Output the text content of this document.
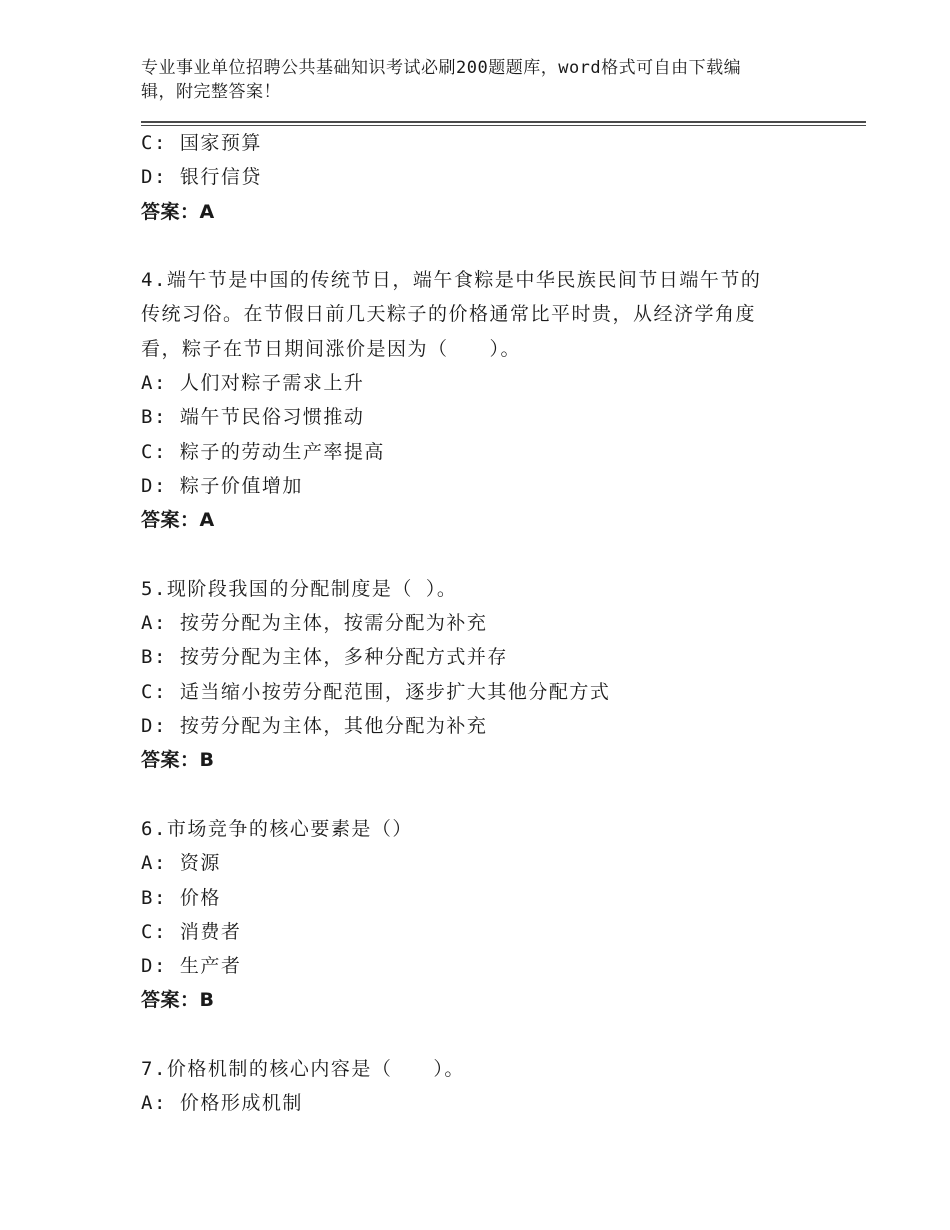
专业事业单位招聘公共基础知识考试必刷200题题库，word格式可自由下载编
辑，附完整答案！
C: 国家预算
D: 银行信贷
答案：A
4.端午节是中国的传统节日，端午食粽是中华民族民间节日端午节的
传统习俗。在节假日前几天粽子的价格通常比平时贵，从经济学角度
看，粽子在节日期间涨价是因为（　　）。
A: 人们对粽子需求上升
B: 端午节民俗习惯推动
C: 粽子的劳动生产率提高
D: 粽子价值增加
答案：A
5.现阶段我国的分配制度是（ ）。
A: 按劳分配为主体，按需分配为补充
B: 按劳分配为主体，多种分配方式并存
C: 适当缩小按劳分配范围，逐步扩大其他分配方式
D: 按劳分配为主体，其他分配为补充
答案：B
6.市场竞争的核心要素是（）
A: 资源
B: 价格
C: 消费者
D: 生产者
答案：B
7.价格机制的核心内容是（　　）。
A: 价格形成机制
